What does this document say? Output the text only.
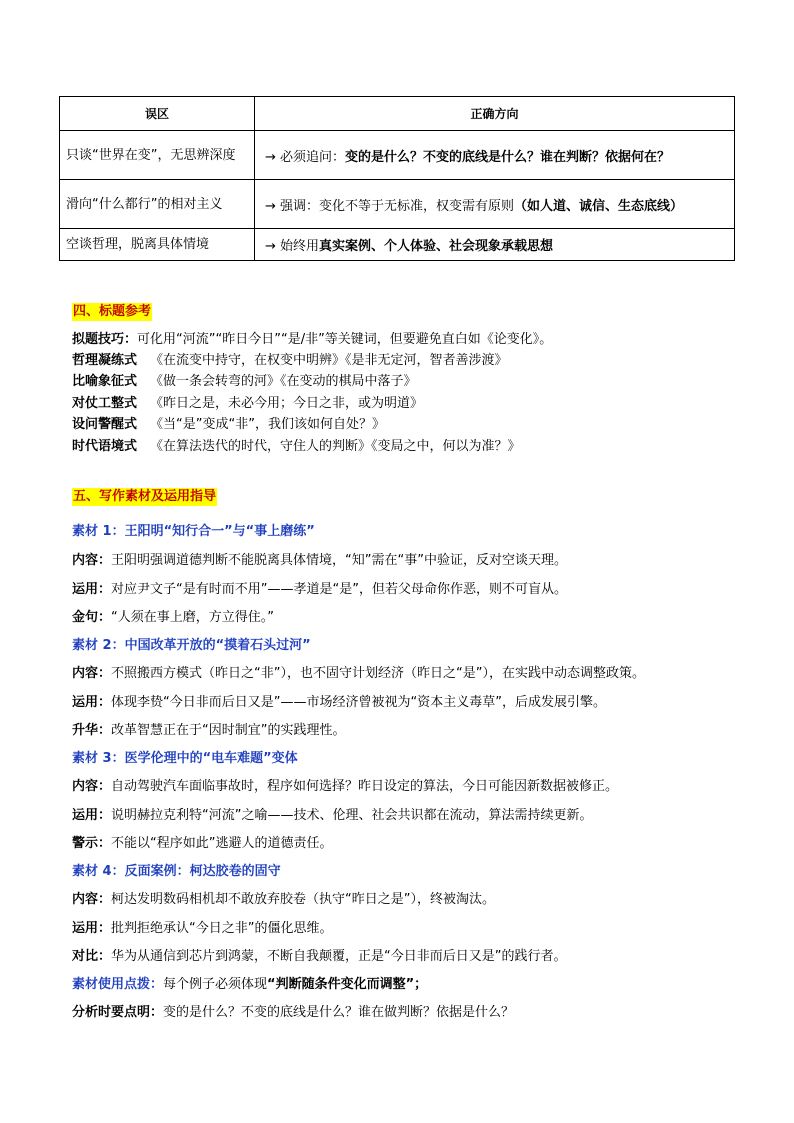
误区	正确方向
只谈“世界在变”，无思辨深度	→ 必须追问：变的是什么？不变的底线是什么？谁在判断？依据何在？
滑向“什么都行”的相对主义	→ 强调：变化不等于无标准，权变需有原则（如人道、诚信、生态底线）
空谈哲理，脱离具体情境	→ 始终用真实案例、个人体验、社会现象承载思想
四、标题参考
拟题技巧：可化用“河流”“昨日今日”“是/非”等关键词，但要避免直白如《论变化》。
哲理凝练式 《在流变中持守，在权变中明辨》《是非无定河，智者善涉渡》
比喻象征式 《做一条会转弯的河》《在变动的棋局中落子》
对仗工整式 《昨日之是，未必今用；今日之非，或为明道》
设问警醒式 《当“是”变成“非”，我们该如何自处？》
时代语境式 《在算法迭代的时代，守住人的判断》《变局之中，何以为准？》
五、写作素材及运用指导
素材 1：王阳明“知行合一”与“事上磨练”
内容：王阳明强调道德判断不能脱离具体情境，“知”需在“事”中验证，反对空谈天理。
运用：对应尹文子“是有时而不用”——孝道是“是”，但若父母命你作恶，则不可盲从。
金句：“人须在事上磨，方立得住。”
素材 2：中国改革开放的“摸着石头过河”
内容：不照搬西方模式（昨日之“非”），也不固守计划经济（昨日之“是”），在实践中动态调整政策。
运用：体现李贽“今日非而后日又是”——市场经济曾被视为“资本主义毒草”，后成发展引擎。
升华：改革智慧正在于“因时制宜”的实践理性。
素材 3：医学伦理中的“电车难题”变体
内容：自动驾驶汽车面临事故时，程序如何选择？昨日设定的算法，今日可能因新数据被修正。
运用：说明赫拉克利特“河流”之喻——技术、伦理、社会共识都在流动，算法需持续更新。
警示：不能以“程序如此”逃避人的道德责任。
素材 4：反面案例：柯达胶卷的固守
内容：柯达发明数码相机却不敢放弃胶卷（执守“昨日之是”），终被淘汰。
运用：批判拒绝承认“今日之非”的僵化思维。
对比：华为从通信到芯片到鸿蒙，不断自我颠覆，正是“今日非而后日又是”的践行者。
素材使用点拨：每个例子必须体现“判断随条件变化而调整”；
分析时要点明：变的是什么？不变的底线是什么？谁在做判断？依据是什么？
